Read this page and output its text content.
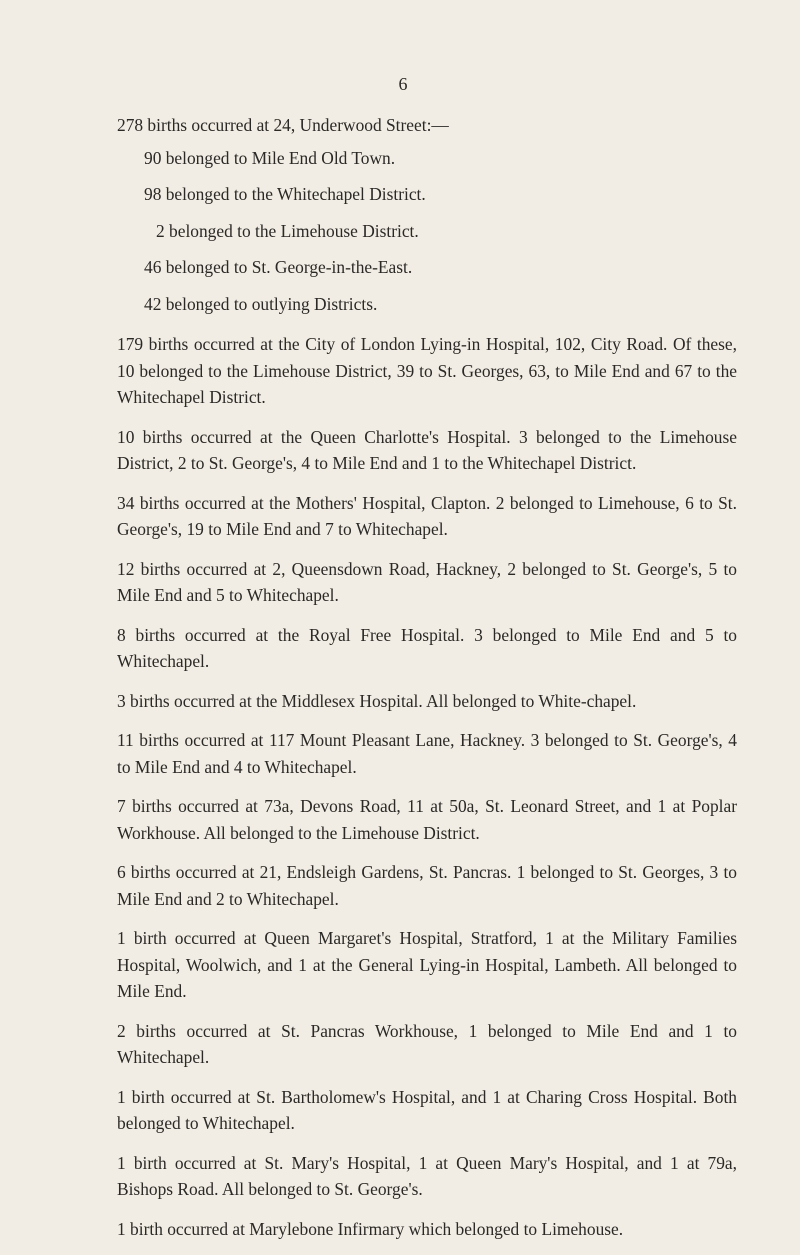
6

278 births occurred at 24, Underwood Street:—

90 belonged to Mile End Old Town.
98 belonged to the Whitechapel District.
2 belonged to the Limehouse District.
46 belonged to St. George-in-the-East.
42 belonged to outlying Districts.

179 births occurred at the City of London Lying-in Hospital, 102, City Road. Of these, 10 belonged to the Limehouse District, 39 to St. Georges, 63, to Mile End and 67 to the Whitechapel District.

10 births occurred at the Queen Charlotte's Hospital. 3 belonged to the Limehouse District, 2 to St. George's, 4 to Mile End and 1 to the Whitechapel District.

34 births occurred at the Mothers' Hospital, Clapton. 2 belonged to Limehouse, 6 to St. George's, 19 to Mile End and 7 to Whitechapel.

12 births occurred at 2, Queensdown Road, Hackney, 2 belonged to St. George's, 5 to Mile End and 5 to Whitechapel.

8 births occurred at the Royal Free Hospital. 3 belonged to Mile End and 5 to Whitechapel.

3 births occurred at the Middlesex Hospital. All belonged to White-chapel.

11 births occurred at 117 Mount Pleasant Lane, Hackney. 3 belonged to St. George's, 4 to Mile End and 4 to Whitechapel.

7 births occurred at 73a, Devons Road, 11 at 50a, St. Leonard Street, and 1 at Poplar Workhouse. All belonged to the Limehouse District.

6 births occurred at 21, Endsleigh Gardens, St. Pancras. 1 belonged to St. Georges, 3 to Mile End and 2 to Whitechapel.

1 birth occurred at Queen Margaret's Hospital, Stratford, 1 at the Military Families Hospital, Woolwich, and 1 at the General Lying-in Hospital, Lambeth. All belonged to Mile End.

2 births occurred at St. Pancras Workhouse, 1 belonged to Mile End and 1 to Whitechapel.

1 birth occurred at St. Bartholomew's Hospital, and 1 at Charing Cross Hospital. Both belonged to Whitechapel.

1 birth occurred at St. Mary's Hospital, 1 at Queen Mary's Hospital, and 1 at 79a, Bishops Road. All belonged to St. George's.

1 birth occurred at Marylebone Infirmary which belonged to Limehouse.
